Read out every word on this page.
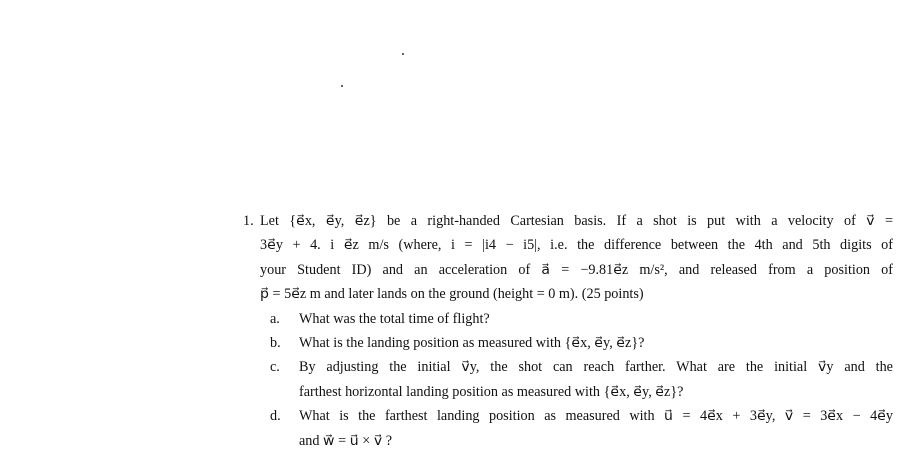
1. Let {e⃗x, e⃗y, e⃗z} be a right-handed Cartesian basis. If a shot is put with a velocity of v⃗ =
3e⃗y + 4. i e⃗z m/s (where, i = |i4 − i5|, i.e. the difference between the 4th and 5th digits of
your Student ID) and an acceleration of a⃗ = −9.81e⃗z m/s², and released from a position of
p⃗ = 5e⃗z m and later lands on the ground (height = 0 m). (25 points)
a. What was the total time of flight?
b. What is the landing position as measured with {e⃗x, e⃗y, e⃗z}?
c. By adjusting the initial v⃗y, the shot can reach farther. What are the initial v⃗y and the
farthest horizontal landing position as measured with {e⃗x, e⃗y, e⃗z}?
d. What is the farthest landing position as measured with u⃗ = 4e⃗x + 3e⃗y, v⃗ = 3e⃗x − 4e⃗y
and w⃗ = u⃗ × v⃗ ?
